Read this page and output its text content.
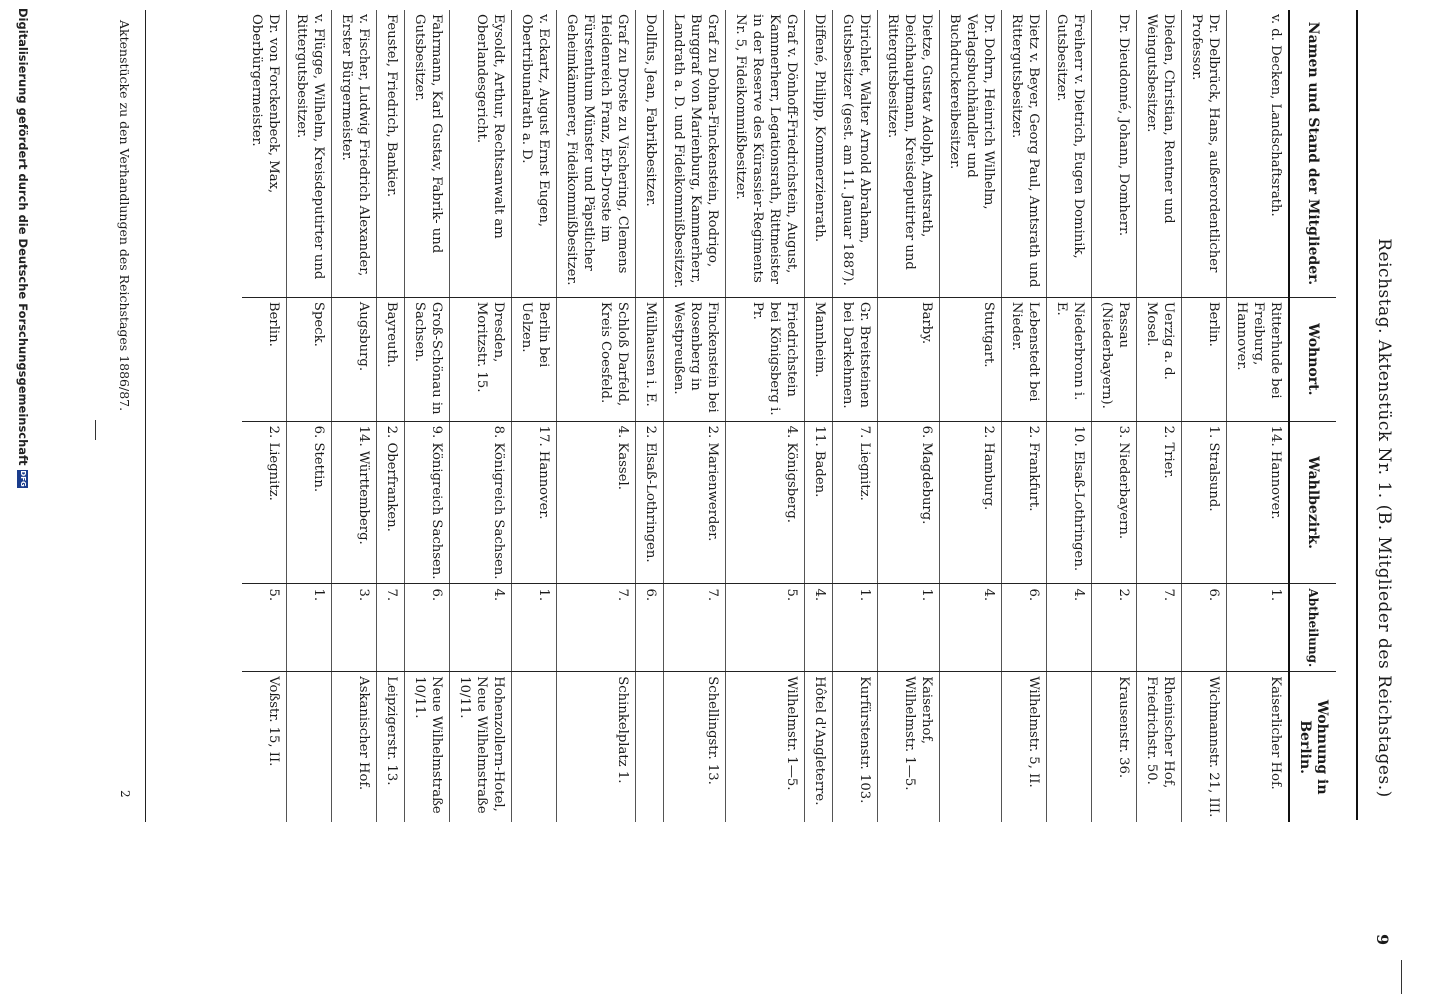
Reichstag. Aktenstück Nr. 1. (B. Mitglieder des Reichstages.)
9
Namen und Stand der Mitglieder.	Wohnort.	Wahlbezirk.	Abtheilung.	Wohnung in Berlin.
v. d. Decken, Landschaftsrath.	Ritterhude bei Freiburg, Hannover.	14. Hannover.	1.	Kaiserlicher Hof.
Dr. Delbrück, Hans, außerordentlicher Professor.	Berlin.	1. Stralsund.	6.	Wichmannstr. 21, III.
Dieden, Christian, Rentner und Weingutsbesitzer.	Uerzig a. d. Mosel.	2. Trier.	7.	Rheinischer Hof, Friedrichstr. 50.
Dr. Dieudonné, Johann, Domherr.	Passau (Niederbayern).	3. Niederbayern.	2.	Krausenstr. 36.
Freiherr v. Dietrich, Eugen Dominik, Gutsbesitzer.	Niederbronn i. E.	10. Elsaß-Lothringen.	4.	
Dietz v. Beyer, Georg Paul, Amtsrath und Rittergutsbesitzer.	Lebenstedt bei Nieder.	2. Frankfurt.	6.	Wilhelmstr. 5, II.
Dr. Dohrn, Heinrich Wilhelm, Verlagsbuchhändler und Buchdruckereibesitzer.	Stuttgart.	2. Hamburg.	4.	
Dietze, Gustav Adolph, Amtsrath, Deichhauptmann, Kreisdeputirter und Rittergutsbesitzer.	Barby.	6. Magdeburg.	1.	Kaiserhof, Wilhelmstr. 1—5.
Dirichlet, Walter Arnold Abraham, Gutsbesitzer (gest. am 11. Januar 1887).	Gr. Breitsteinen bei Darkehmen.	7. Liegnitz.	1.	Kurfürstenstr. 103.
Diffené, Philipp, Kommerzienrath.	Mannheim.	11. Baden.	4.	Hôtel d'Angleterre.
Graf v. Dönhoff-Friedrichstein, August, Kammerherr, Legationsrath, Rittmeister in der Reserve des Kürassier-Regiments Nr. 5, Fideikommißbesitzer.	Friedrichstein bei Königsberg i. Pr.	4. Königsberg.	5.	Wilhelmstr. 1—5.
Graf zu Dohna-Finckenstein, Rodrigo, Burggraf von Marienburg, Kammerherr, Landrath a. D. und Fideikommißbesitzer.	Finckenstein bei Rosenberg in Westpreußen.	2. Marienwerder.	7.	Schellingstr. 13.
Dollfus, Jean, Fabrikbesitzer.	Mülhausen i. E.	2. Elsaß-Lothringen.	6.	
Graf zu Droste zu Vischering, Clemens Heidenreich Franz, Erb-Droste im Fürstenthum Münster und Päpstlicher Geheimkämmerer, Fideikommißbesitzer.	Schloß Darfeld, Kreis Coesfeld.	4. Kassel.	7.	Schinkelplatz 1.
v. Eckartz, August Ernst Eugen, Obertribunalrath a. D.	Berlin bei Uelzen.	17. Hannover.	1.	
Eysoldt, Arthur, Rechtsanwalt am Oberlandesgericht.	Dresden, Moritzstr. 15.	8. Königreich Sachsen.	4.	Hohenzollern-Hotel, Neue Wilhelmstraße 10/11.
Fahrmann, Karl Gustav, Fabrik- und Gutsbesitzer.	Groß-Schönau in Sachsen.	9. Königreich Sachsen.	6.	Neue Wilhelmstraße 10/11.
Feustel, Friedrich, Bankier.	Bayreuth.	2. Oberfranken.	7.	Leipzigerstr. 13.
v. Fischer, Ludwig Friedrich Alexander, Erster Bürgermeister.	Augsburg.	14. Württemberg.	3.	Askanischer Hof.
v. Flügge, Wilhelm, Kreisdeputirter und Rittergutsbesitzer.	Speck.	6. Stettin.	1.	
Dr. von Forckenbeck, Max, Oberbürgermeister.	Berlin.	2. Liegnitz.	5.	Voßstr. 15, II.
Aktenstücke zu den Verhandlungen des Reichstages 1886/87.
2
Digitalisierung gefördert durch die Deutsche Forschungsgemeinschaft
DFG
